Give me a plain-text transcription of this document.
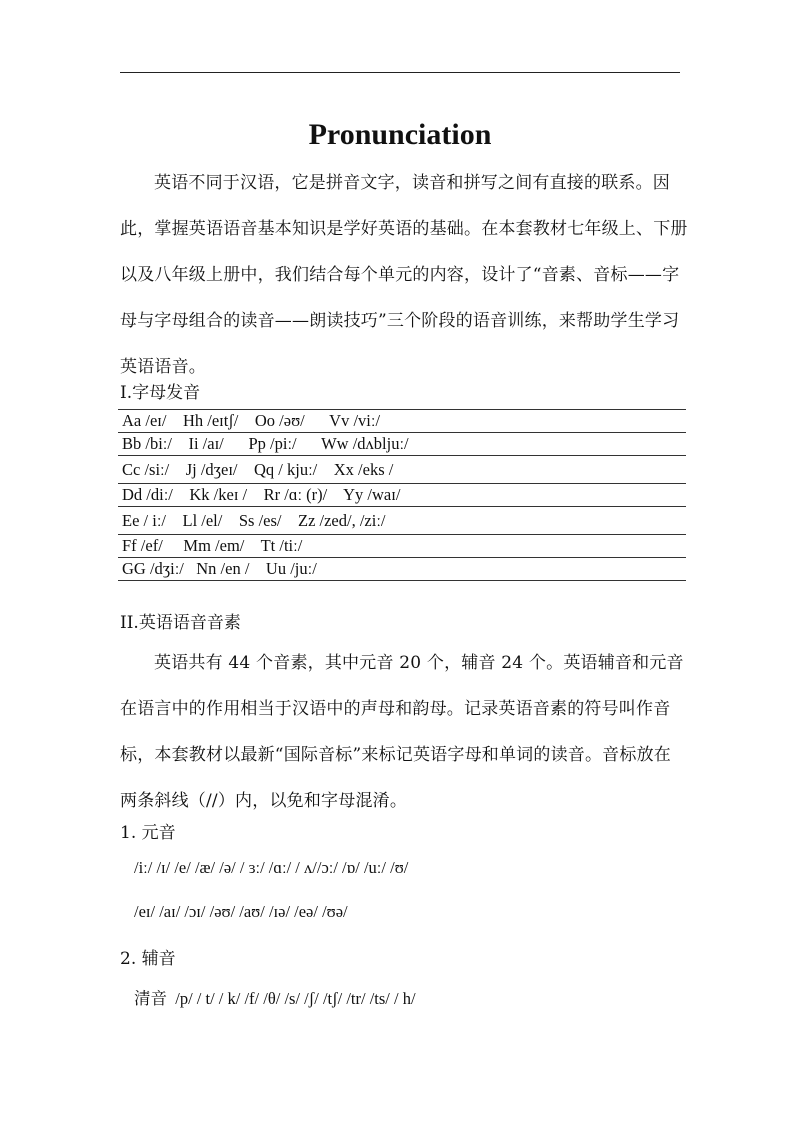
Pronunciation
英语不同于汉语，它是拼音文字，读音和拼写之间有直接的联系。因此，掌握英语语音基本知识是学好英语的基础。在本套教材七年级上、下册以及八年级上册中，我们结合每个单元的内容，设计了“音素、音标——字母与字母组合的读音——朗读技巧”三个阶段的语音训练，来帮助学生学习英语语音。
I.字母发音
Aa /eɪ/    Hh /eɪtʃ/    Oo /əʊ/      Vv /viː/
Bb /biː/    Ii /aɪ/      Pp /piː/      Ww /dʌbljuː/
Cc /siː/    Jj /dʒeɪ/    Qq / kjuː/    Xx /eks /
Dd /diː/    Kk /keɪ /    Rr /ɑː (r)/    Yy /waɪ/
Ee / iː/    Ll /el/    Ss /es/    Zz /zed/, /ziː/
Ff /ef/     Mm /em/    Tt /tiː/
GG /dʒiː/   Nn /en /    Uu /juː/
II.英语语音音素
英语共有 44 个音素，其中元音 20 个，辅音 24 个。英语辅音和元音在语言中的作用相当于汉语中的声母和韵母。记录英语音素的符号叫作音标，本套教材以最新“国际音标”来标记英语字母和单词的读音。音标放在两条斜线（//）内，以免和字母混淆。
1. 元音
/iː/ /ɪ/ /e/ /æ/ /ə/ / ɜː/ /ɑː/ / ʌ//ɔː/ /ɒ/ /uː/ /ʊ/
/eɪ/ /aɪ/ /ɔɪ/ /əʊ/ /aʊ/ /ɪə/ /eə/ /ʊə/
2. 辅音
清音  /p/ / t/ / k/ /f/ /θ/ /s/ /ʃ/ /tʃ/ /tr/ /ts/ / h/
